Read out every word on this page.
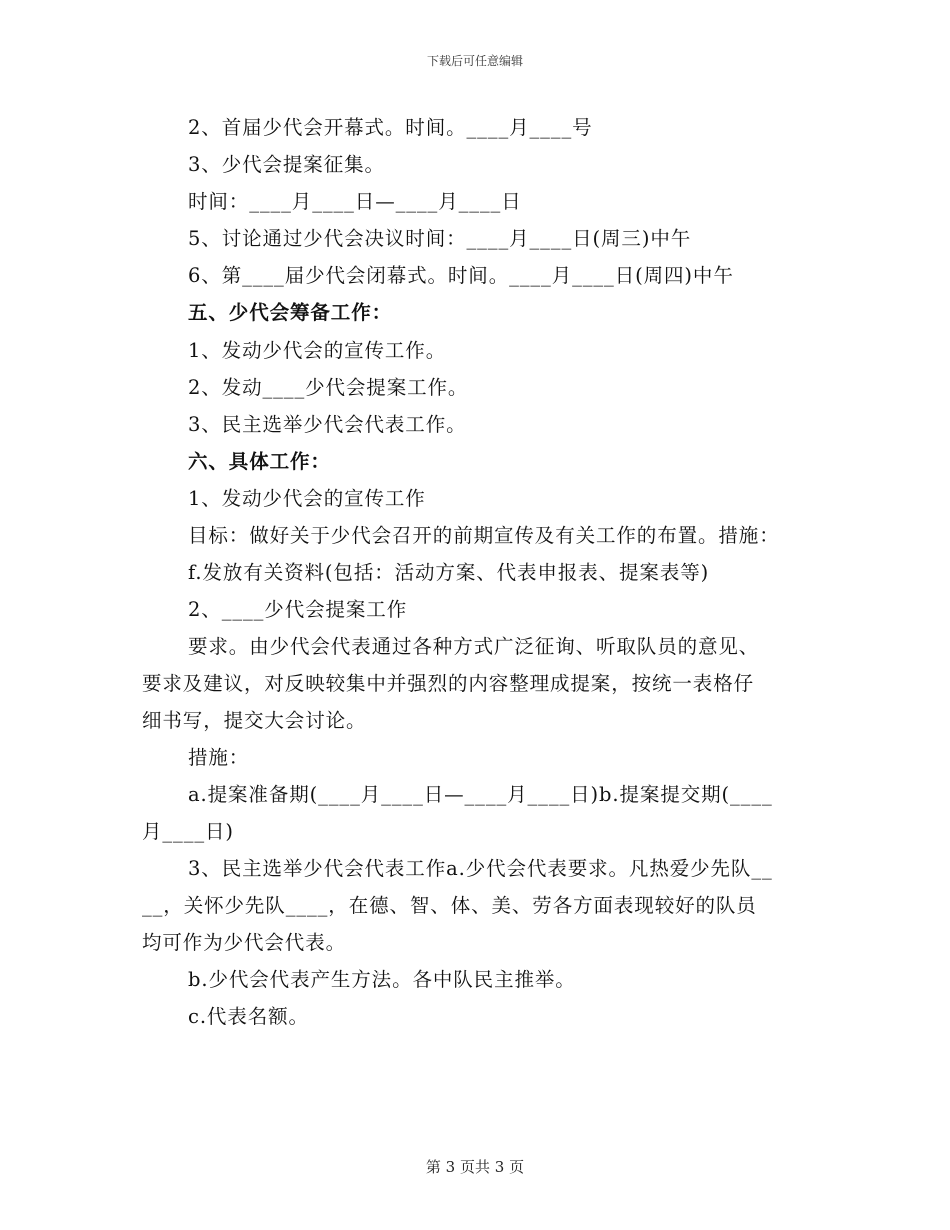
下载后可任意编辑
2、首届少代会开幕式。时间。____月____号
3、少代会提案征集。
时间：____月____日—____月____日
5、讨论通过少代会决议时间：____月____日(周三)中午
6、第____届少代会闭幕式。时间。____月____日(周四)中午
五、少代会筹备工作：
1、发动少代会的宣传工作。
2、发动____少代会提案工作。
3、民主选举少代会代表工作。
六、具体工作：
1、发动少代会的宣传工作
目标：做好关于少代会召开的前期宣传及有关工作的布置。措施：
f.发放有关资料(包括：活动方案、代表申报表、提案表等)
2、____少代会提案工作
要求。由少代会代表通过各种方式广泛征询、听取队员的意见、
要求及建议，对反映较集中并强烈的内容整理成提案，按统一表格仔
细书写，提交大会讨论。
措施：
a.提案准备期(____月____日—____月____日)b.提案提交期(____
月____日)
3、民主选举少代会代表工作a.少代会代表要求。凡热爱少先队__
__，关怀少先队____，在德、智、体、美、劳各方面表现较好的队员
均可作为少代会代表。
b.少代会代表产生方法。各中队民主推举。
c.代表名额。
第 3 页共 3 页
